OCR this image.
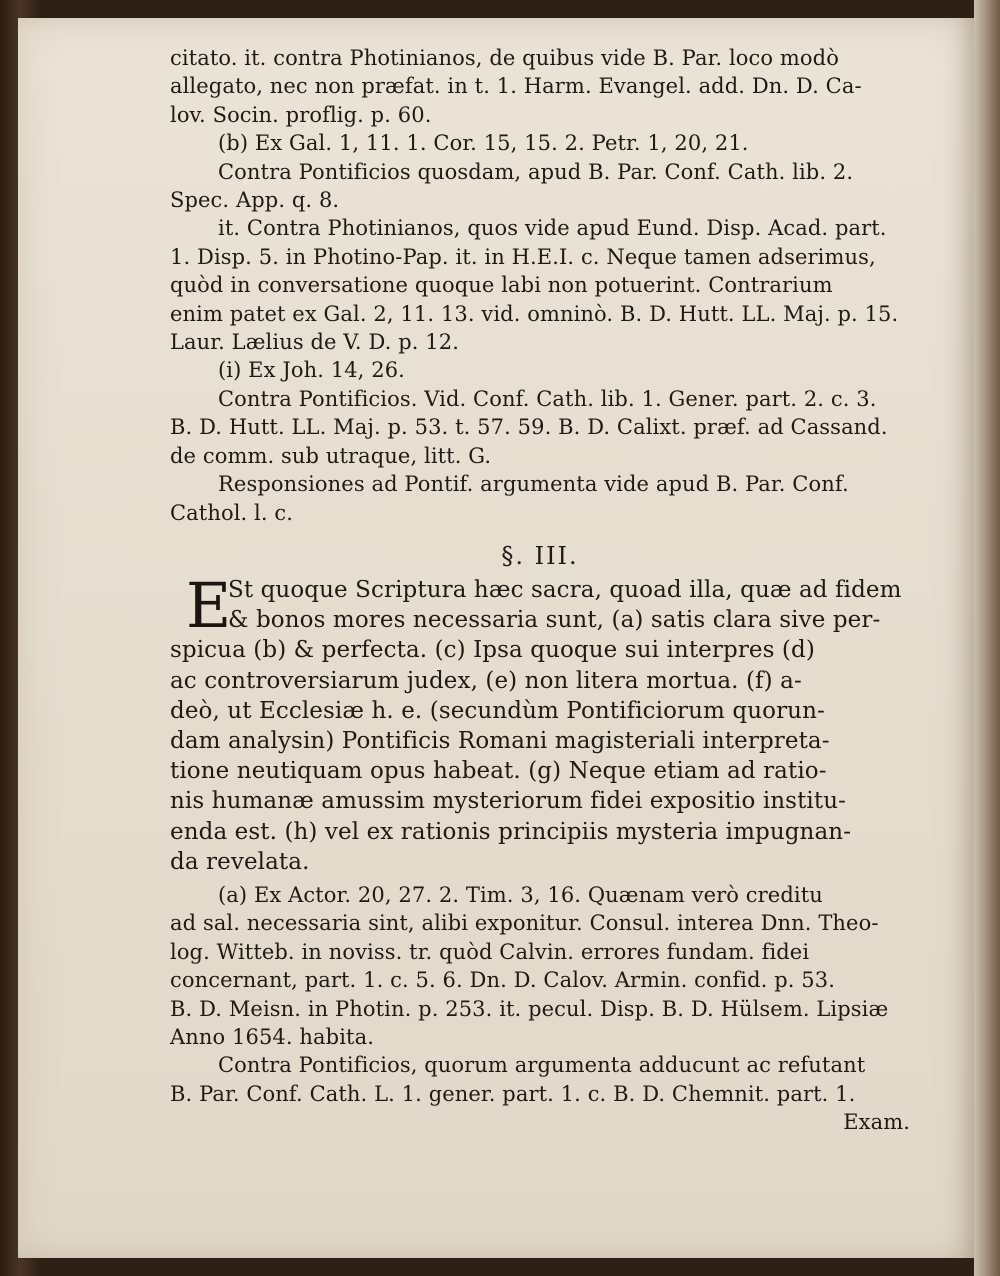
citato. it. contra Photinianos, de quibus vide B. Par. loco modò
allegato, nec non præfat. in t. 1. Harm. Evangel. add. Dn. D. Ca-
lov. Socin. proflig. p. 60.
(b) Ex Gal. 1, 11. 1. Cor. 15, 15. 2. Petr. 1, 20, 21.
Contra Pontificios quosdam, apud B. Par. Conf. Cath. lib. 2.
Spec. App. q. 8.
it. Contra Photinianos, quos vide apud Eund. Disp. Acad. part.
1. Disp. 5. in Photino-Pap. it. in H.E.I. c. Neque tamen adserimus,
quòd in conversatione quoque labi non potuerint. Contrarium
enim patet ex Gal. 2, 11. 13. vid. omninò. B. D. Hutt. LL. Maj. p. 15.
Laur. Lælius de V. D. p. 12.
(i) Ex Joh. 14, 26.
Contra Pontificios. Vid. Conf. Cath. lib. 1. Gener. part. 2. c. 3.
B. D. Hutt. LL. Maj. p. 53. t. 57. 59. B. D. Calixt. præf. ad Cassand.
de comm. sub utraque, litt. G.
Responsiones ad Pontif. argumenta vide apud B. Par. Conf.
Cathol. l. c.
§. III.
E
St quoque Scriptura hæc sacra, quoad illa, quæ ad fidem
& bonos mores necessaria sunt, (a) satis clara sive per-
spicua (b) & perfecta. (c) Ipsa quoque sui interpres (d)
ac controversiarum judex, (e) non litera mortua. (f) a-
deò, ut Ecclesiæ h. e. (secundùm Pontificiorum quorun-
dam analysin) Pontificis Romani magisteriali interpreta-
tione neutiquam opus habeat. (g) Neque etiam ad ratio-
nis humanæ amussim mysteriorum fidei expositio institu-
enda est. (h) vel ex rationis principiis mysteria impugnan-
da revelata.
(a) Ex Actor. 20, 27. 2. Tim. 3, 16. Quænam verò creditu
ad sal. necessaria sint, alibi exponitur. Consul. interea Dnn. Theo-
log. Witteb. in noviss. tr. quòd Calvin. errores fundam. fidei
concernant, part. 1. c. 5. 6. Dn. D. Calov. Armin. confid. p. 53.
B. D. Meisn. in Photin. p. 253. it. pecul. Disp. B. D. Hülsem. Lipsiæ
Anno 1654. habita.
Contra Pontificios, quorum argumenta adducunt ac refutant
B. Par. Conf. Cath. L. 1. gener. part. 1. c. B. D. Chemnit. part. 1.
Exam.
